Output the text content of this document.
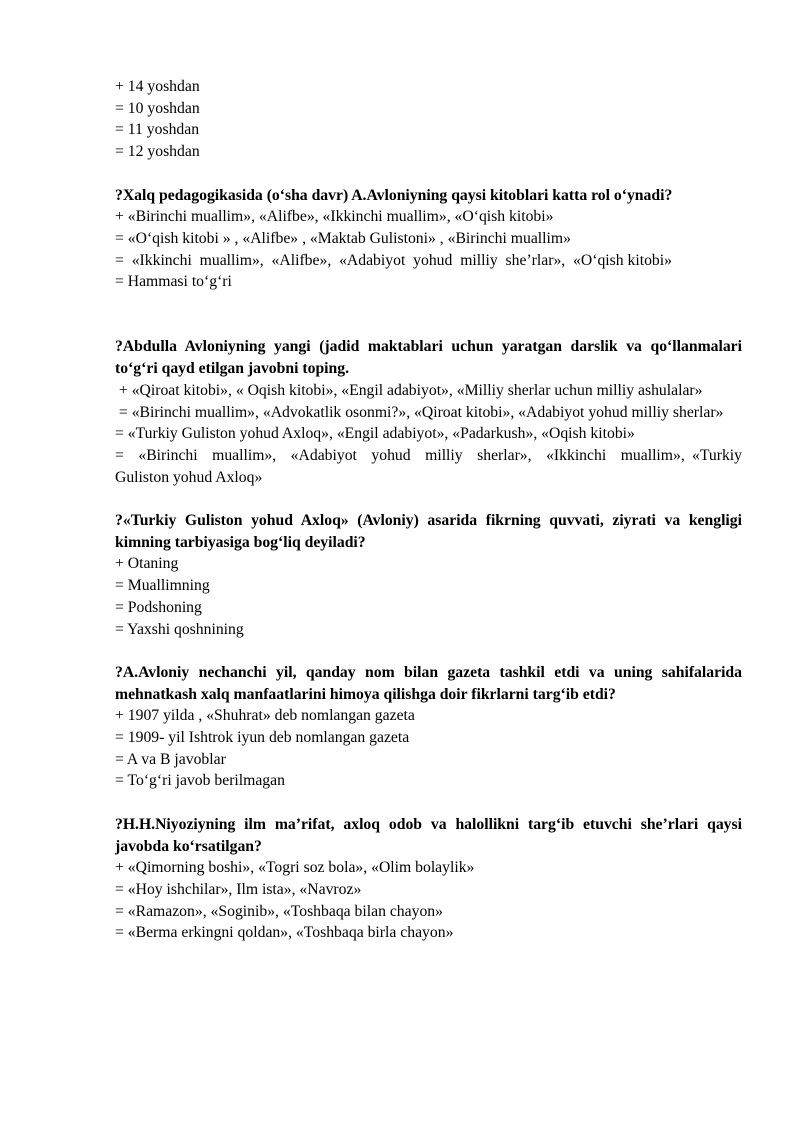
+ 14 yoshdan
= 10 yoshdan
= 11 yoshdan
= 12 yoshdan
?Xalq pedagogikasida (o‘sha davr) A.Avloniyning qaysi kitoblari katta rol o‘ynadi?
+ «Birinchi muallim», «Alifbe», «Ikkinchi muallim», «O‘qish kitobi»
= «O‘qish kitobi » , «Alifbe» , «Maktab Gulistoni» , «Birinchi muallim»
=  «Ikkinchi  muallim»,  «Alifbe»,  «Adabiyot  yohud  milliy  she’rlar»,  «O‘qish kitobi»
= Hammasi to‘g‘ri
?Abdulla Avloniyning yangi (jadid maktablari uchun yaratgan darslik va qo‘llanmalari to‘g‘ri qayd etilgan javobni toping.
+ «Qiroat kitobi», « Oqish kitobi», «Engil adabiyot», «Milliy sherlar uchun milliy ashulalar»
= «Birinchi muallim», «Advokatlik osonmi?», «Qiroat kitobi», «Adabiyot yohud milliy sherlar»
= «Turkiy Guliston yohud Axloq», «Engil adabiyot», «Padarkush», «Oqish kitobi»
=  «Birinchi  muallim»,  «Adabiyot  yohud  milliy  sherlar»,  «Ikkinchi  muallim», «Turkiy Guliston yohud Axloq»
?«Turkiy Guliston yohud Axloq» (Avloniy) asarida fikrning quvvati, ziyrati va kengligi kimning tarbiyasiga bog‘liq deyiladi?
+ Otaning
= Muallimning
= Podshoning
= Yaxshi qoshnining
?A.Avloniy nechanchi yil, qanday nom bilan gazeta tashkil etdi va uning sahifalarida mehnatkash xalq manfaatlarini himoya qilishga doir fikrlarni targ‘ib etdi?
+ 1907 yilda , «Shuhrat» deb nomlangan gazeta
= 1909- yil Ishtrok iyun deb nomlangan gazeta
= A va B javoblar
= To‘g‘ri javob berilmagan
?H.H.Niyoziyning ilm ma’rifat, axloq odob va halollikni targ‘ib etuvchi she’rlari qaysi javobda ko‘rsatilgan?
+ «Qimorning boshi», «Togri soz bola», «Olim bolaylik»
= «Hoy ishchilar», Ilm ista», «Navroz»
= «Ramazon», «Soginib», «Toshbaqa bilan chayon»
= «Berma erkingni qoldan», «Toshbaqa birla chayon»
